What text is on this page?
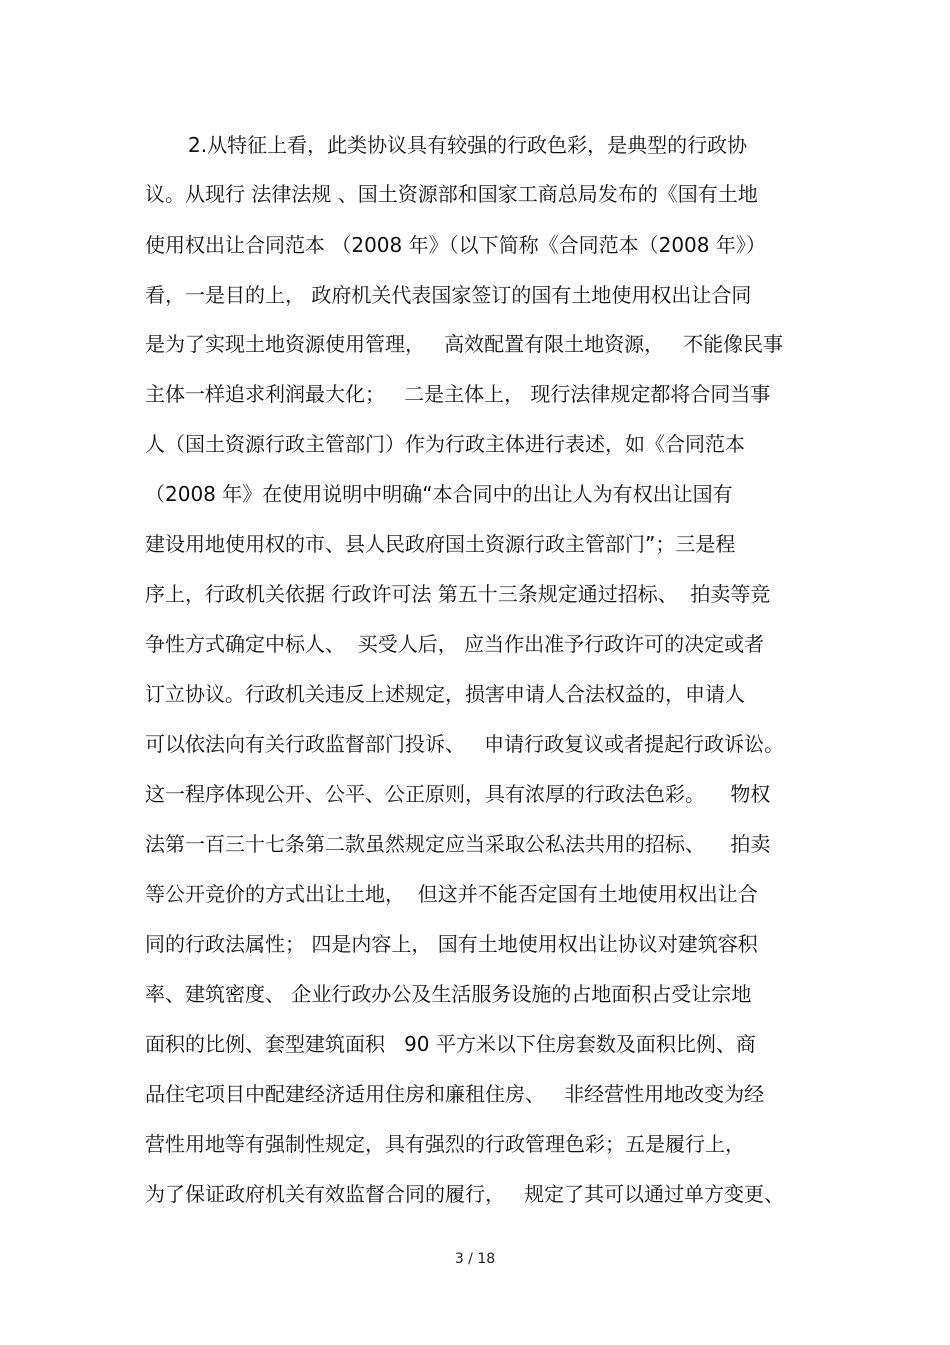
2.从特征上看，此类协议具有较强的行政色彩，是典型的行政协
议。从现行 法律法规 、国土资源部和国家工商总局发布的《国有土地
使用权出让合同范本 （2008 年》（以下简称《合同范本（2008 年》）
看，一是目的上， 政府机关代表国家签订的国有土地使用权出让合同
是为了实现土地资源使用管理，   高效配置有限土地资源，   不能像民事
主体一样追求利润最大化；   二是主体上， 现行法律规定都将合同当事
人（国土资源行政主管部门）作为行政主体进行表述，如《合同范本
（2008 年》在使用说明中明确“本合同中的出让人为有权出让国有
建设用地使用权的市、县人民政府国土资源行政主管部门”；三是程
序上，行政机关依据 行政许可法 第五十三条规定通过招标、  拍卖等竞
争性方式确定中标人、  买受人后， 应当作出准予行政许可的决定或者
订立协议。行政机关违反上述规定，损害申请人合法权益的，申请人
可以依法向有关行政监督部门投诉、   申请行政复议或者提起行政诉讼。
这一程序体现公开、公平、公正原则，具有浓厚的行政法色彩。    物权
法第一百三十七条第二款虽然规定应当采取公私法共用的招标、    拍卖
等公开竞价的方式出让土地，  但这并不能否定国有土地使用权出让合
同的行政法属性； 四是内容上， 国有土地使用权出让协议对建筑容积
率、建筑密度、 企业行政办公及生活服务设施的占地面积占受让宗地
面积的比例、套型建筑面积   90 平方米以下住房套数及面积比例、商
品住宅项目中配建经济适用住房和廉租住房、   非经营性用地改变为经
营性用地等有强制性规定，具有强烈的行政管理色彩；五是履行上，
为了保证政府机关有效监督合同的履行，   规定了其可以通过单方变更、
3 / 18
